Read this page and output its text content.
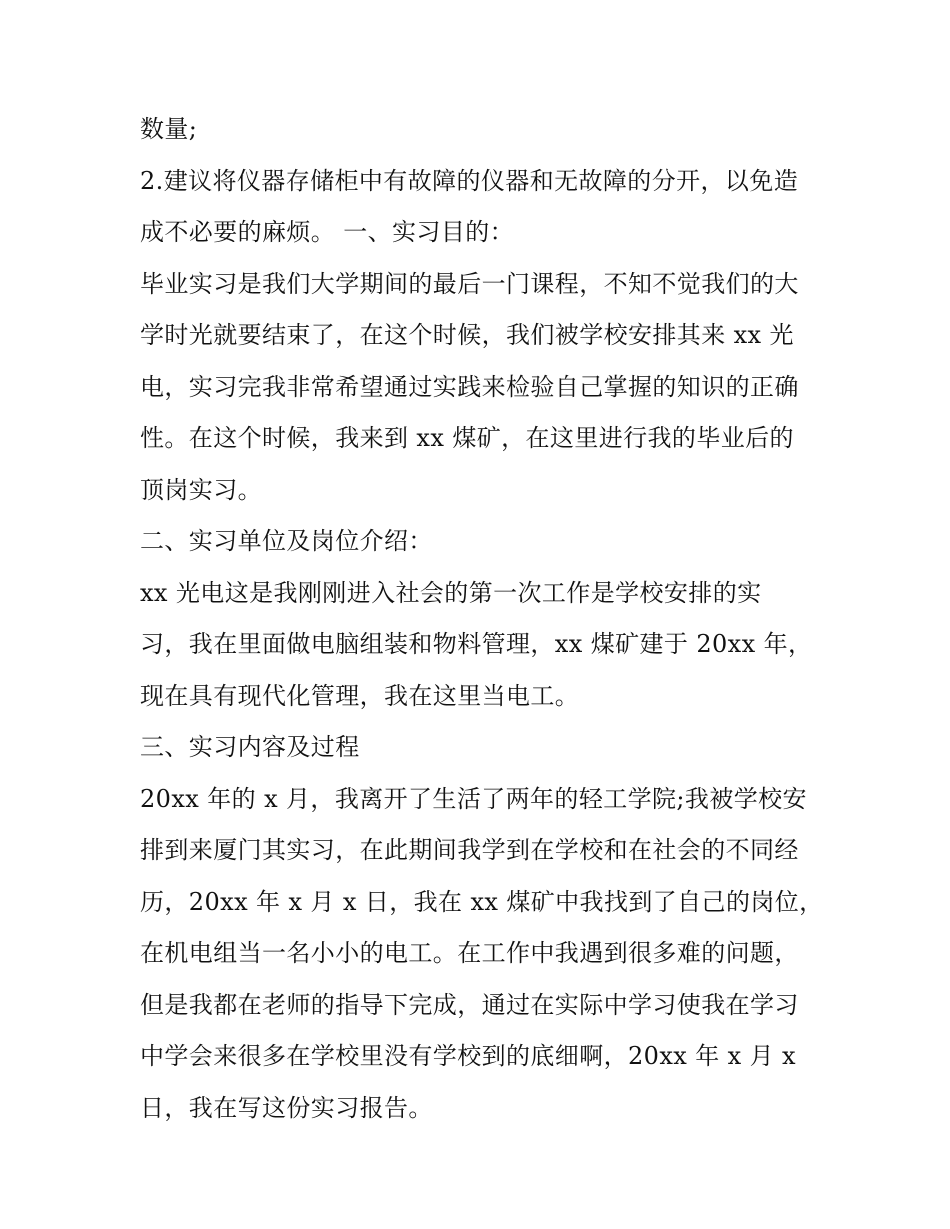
数量;
2.建议将仪器存储柜中有故障的仪器和无故障的分开，以免造
成不必要的麻烦。 一、实习目的：
毕业实习是我们大学期间的最后一门课程，不知不觉我们的大
学时光就要结束了，在这个时候，我们被学校安排其来 xx 光
电，实习完我非常希望通过实践来检验自己掌握的知识的正确
性。在这个时候，我来到 xx 煤矿，在这里进行我的毕业后的
顶岗实习。
二、实习单位及岗位介绍：
xx 光电这是我刚刚进入社会的第一次工作是学校安排的实
习，我在里面做电脑组装和物料管理，xx 煤矿建于 20xx 年，
现在具有现代化管理，我在这里当电工。
三、实习内容及过程
20xx 年的 x 月，我离开了生活了两年的轻工学院;我被学校安
排到来厦门其实习，在此期间我学到在学校和在社会的不同经
历，20xx 年 x 月 x 日，我在 xx 煤矿中我找到了自己的岗位，
在机电组当一名小小的电工。在工作中我遇到很多难的问题，
但是我都在老师的指导下完成，通过在实际中学习使我在学习
中学会来很多在学校里没有学校到的底细啊，20xx 年 x 月 x
日，我在写这份实习报告。
